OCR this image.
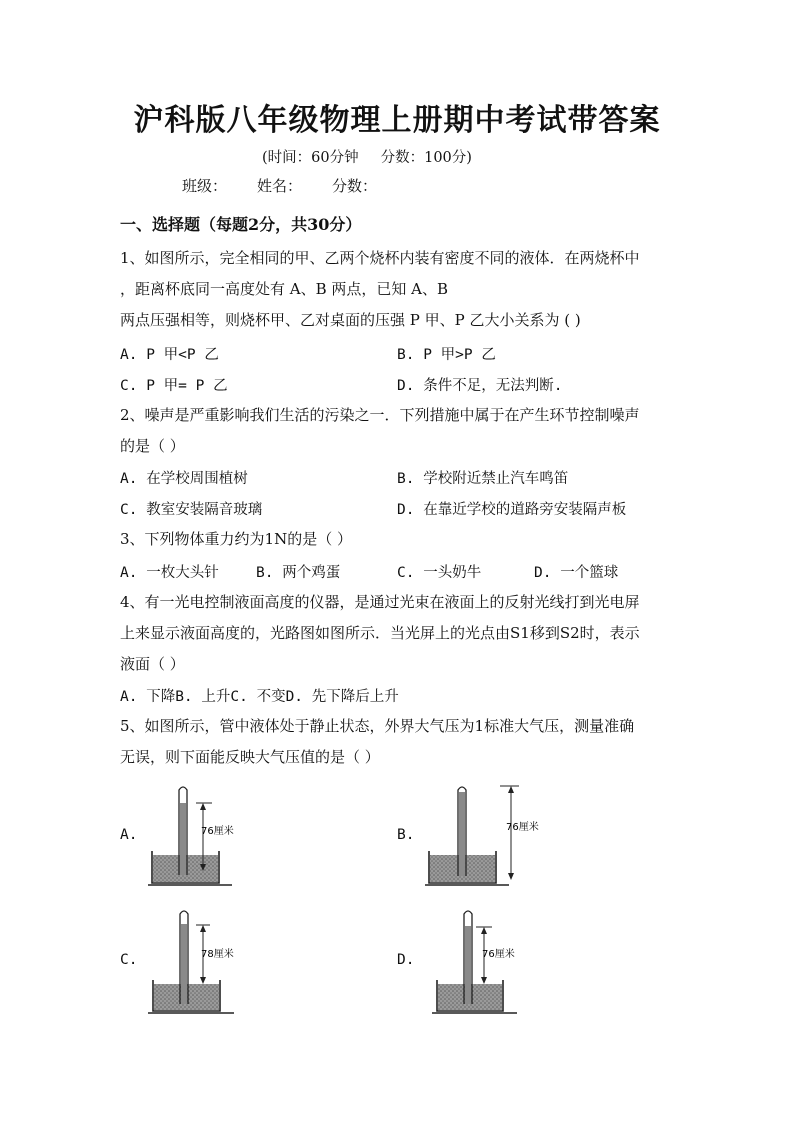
沪科版八年级物理上册期中考试带答案
(时间：60分钟 分数：100分)
班级： 姓名： 分数：
一、选择题（每题2分，共30分）
1、如图所示，完全相同的甲、乙两个烧杯内装有密度不同的液体．在两烧杯中
，距离杯底同一高度处有 A、B 两点，已知 A、B
两点压强相等，则烧杯甲、乙对桌面的压强 P 甲、P 乙大小关系为 ( )
A. P 甲<P 乙	B. P 甲>P 乙
C. P 甲= P 乙	D. 条件不足，无法判断.
2、噪声是严重影响我们生活的污染之一．下列措施中属于在产生环节控制噪声
的是（ ）
A. 在学校周围植树	B. 学校附近禁止汽车鸣笛
C. 教室安装隔音玻璃	D. 在靠近学校的道路旁安装隔声板
3、下列物体重力约为1N的是（ ）
A. 一枚大头针	B. 两个鸡蛋	C. 一头奶牛	D. 一个篮球
4、有一光电控制液面高度的仪器，是通过光束在液面上的反射光线打到光电屏
上来显示液面高度的，光路图如图所示．当光屏上的光点由S1移到S2时，表示
液面（ ）
A. 下降B. 上升C. 不变D. 先下降后上升
5、如图所示，管中液体处于静止状态，外界大气压为1标准大气压，测量准确
无误，则下面能反映大气压值的是（ ）
A.	B.
C.	D.
76厘米	76厘米
78厘米	76厘米
